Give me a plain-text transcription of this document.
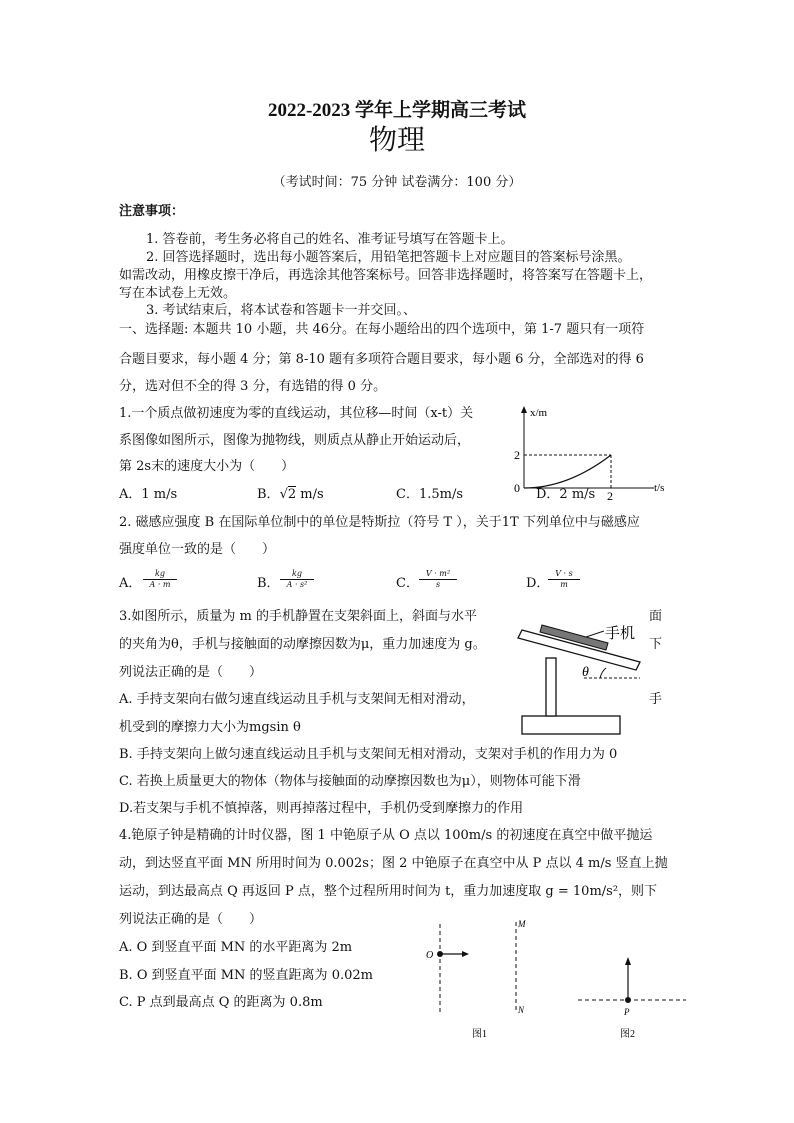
2022-2023 学年上学期高三考试
物理
（考试时间：75 分钟 试卷满分：100 分）
注意事项：
1. 答卷前，考生务必将自己的姓名、准考证号填写在答题卡上。
2. 回答选择题时，选出每小题答案后，用铅笔把答题卡上对应题目的答案标号涂黑。
如需改动，用橡皮擦干净后，再选涂其他答案标号。回答非选择题时，将答案写在答题卡上，
写在本试卷上无效。
3. 考试结束后，将本试卷和答题卡一并交回。、
一、选择题: 本题共 10 小题，共 46分。在每小题给出的四个选项中，第 1-7 题只有一项符
合题目要求，每小题 4 分；第 8-10 题有多项符合题目要求，每小题 6 分，全部选对的得 6
分，选对但不全的得 3 分，有选错的得 0 分。
1.一个质点做初速度为零的直线运动，其位移—时间（x-t）关
系图像如图所示，图像为抛物线，则质点从静止开始运动后，
第 2s末的速度大小为（　　）
A．1 m/s	B．√2 m/s	C．1.5m/s	D．2 m/s
x/m
t/s
2
2
0
2. 磁感应强度 B 在国际单位制中的单位是特斯拉（符号 T ），关于1T 下列单位中与磁感应
强度单位一致的是（　　）
A．
kg
A · m	B．
kg
A · s²	C．
V · m²
s	D．
V · s
m
3.如图所示，质量为 m 的手机静置在支架斜面上，斜面与水平	面
的夹角为θ，手机与接触面的动摩擦因数为μ，重力加速度为 g。	下
列说法正确的是（　　）
A. 手持支架向右做匀速直线运动且手机与支架间无相对滑动，	手
机受到的摩擦力大小为mgsin θ
B. 手持支架向上做匀速直线运动且手机与支架间无相对滑动，支架对手机的作用力为 0
C. 若换上质量更大的物体（物体与接触面的动摩擦因数也为μ），则物体可能下滑
D.若支架与手机不慎掉落，则再掉落过程中，手机仍受到摩擦力的作用
手机
θ
4.铯原子钟是精确的计时仪器，图 1 中铯原子从 O 点以 100m/s 的初速度在真空中做平抛运
动，到达竖直平面 MN 所用时间为 0.002s；图 2 中铯原子在真空中从 P 点以 4 m/s 竖直上抛
运动，到达最高点 Q 再返回 P 点，整个过程所用时间为 t，重力加速度取 g = 10m/s²，则下
列说法正确的是（　　）
A. O 到竖直平面 MN 的水平距离为 2m
B. O 到竖直平面 MN 的竖直距离为 0.02m
C. P 点到最高点 Q 的距离为 0.8m
O
M
N
图1
P
图2
